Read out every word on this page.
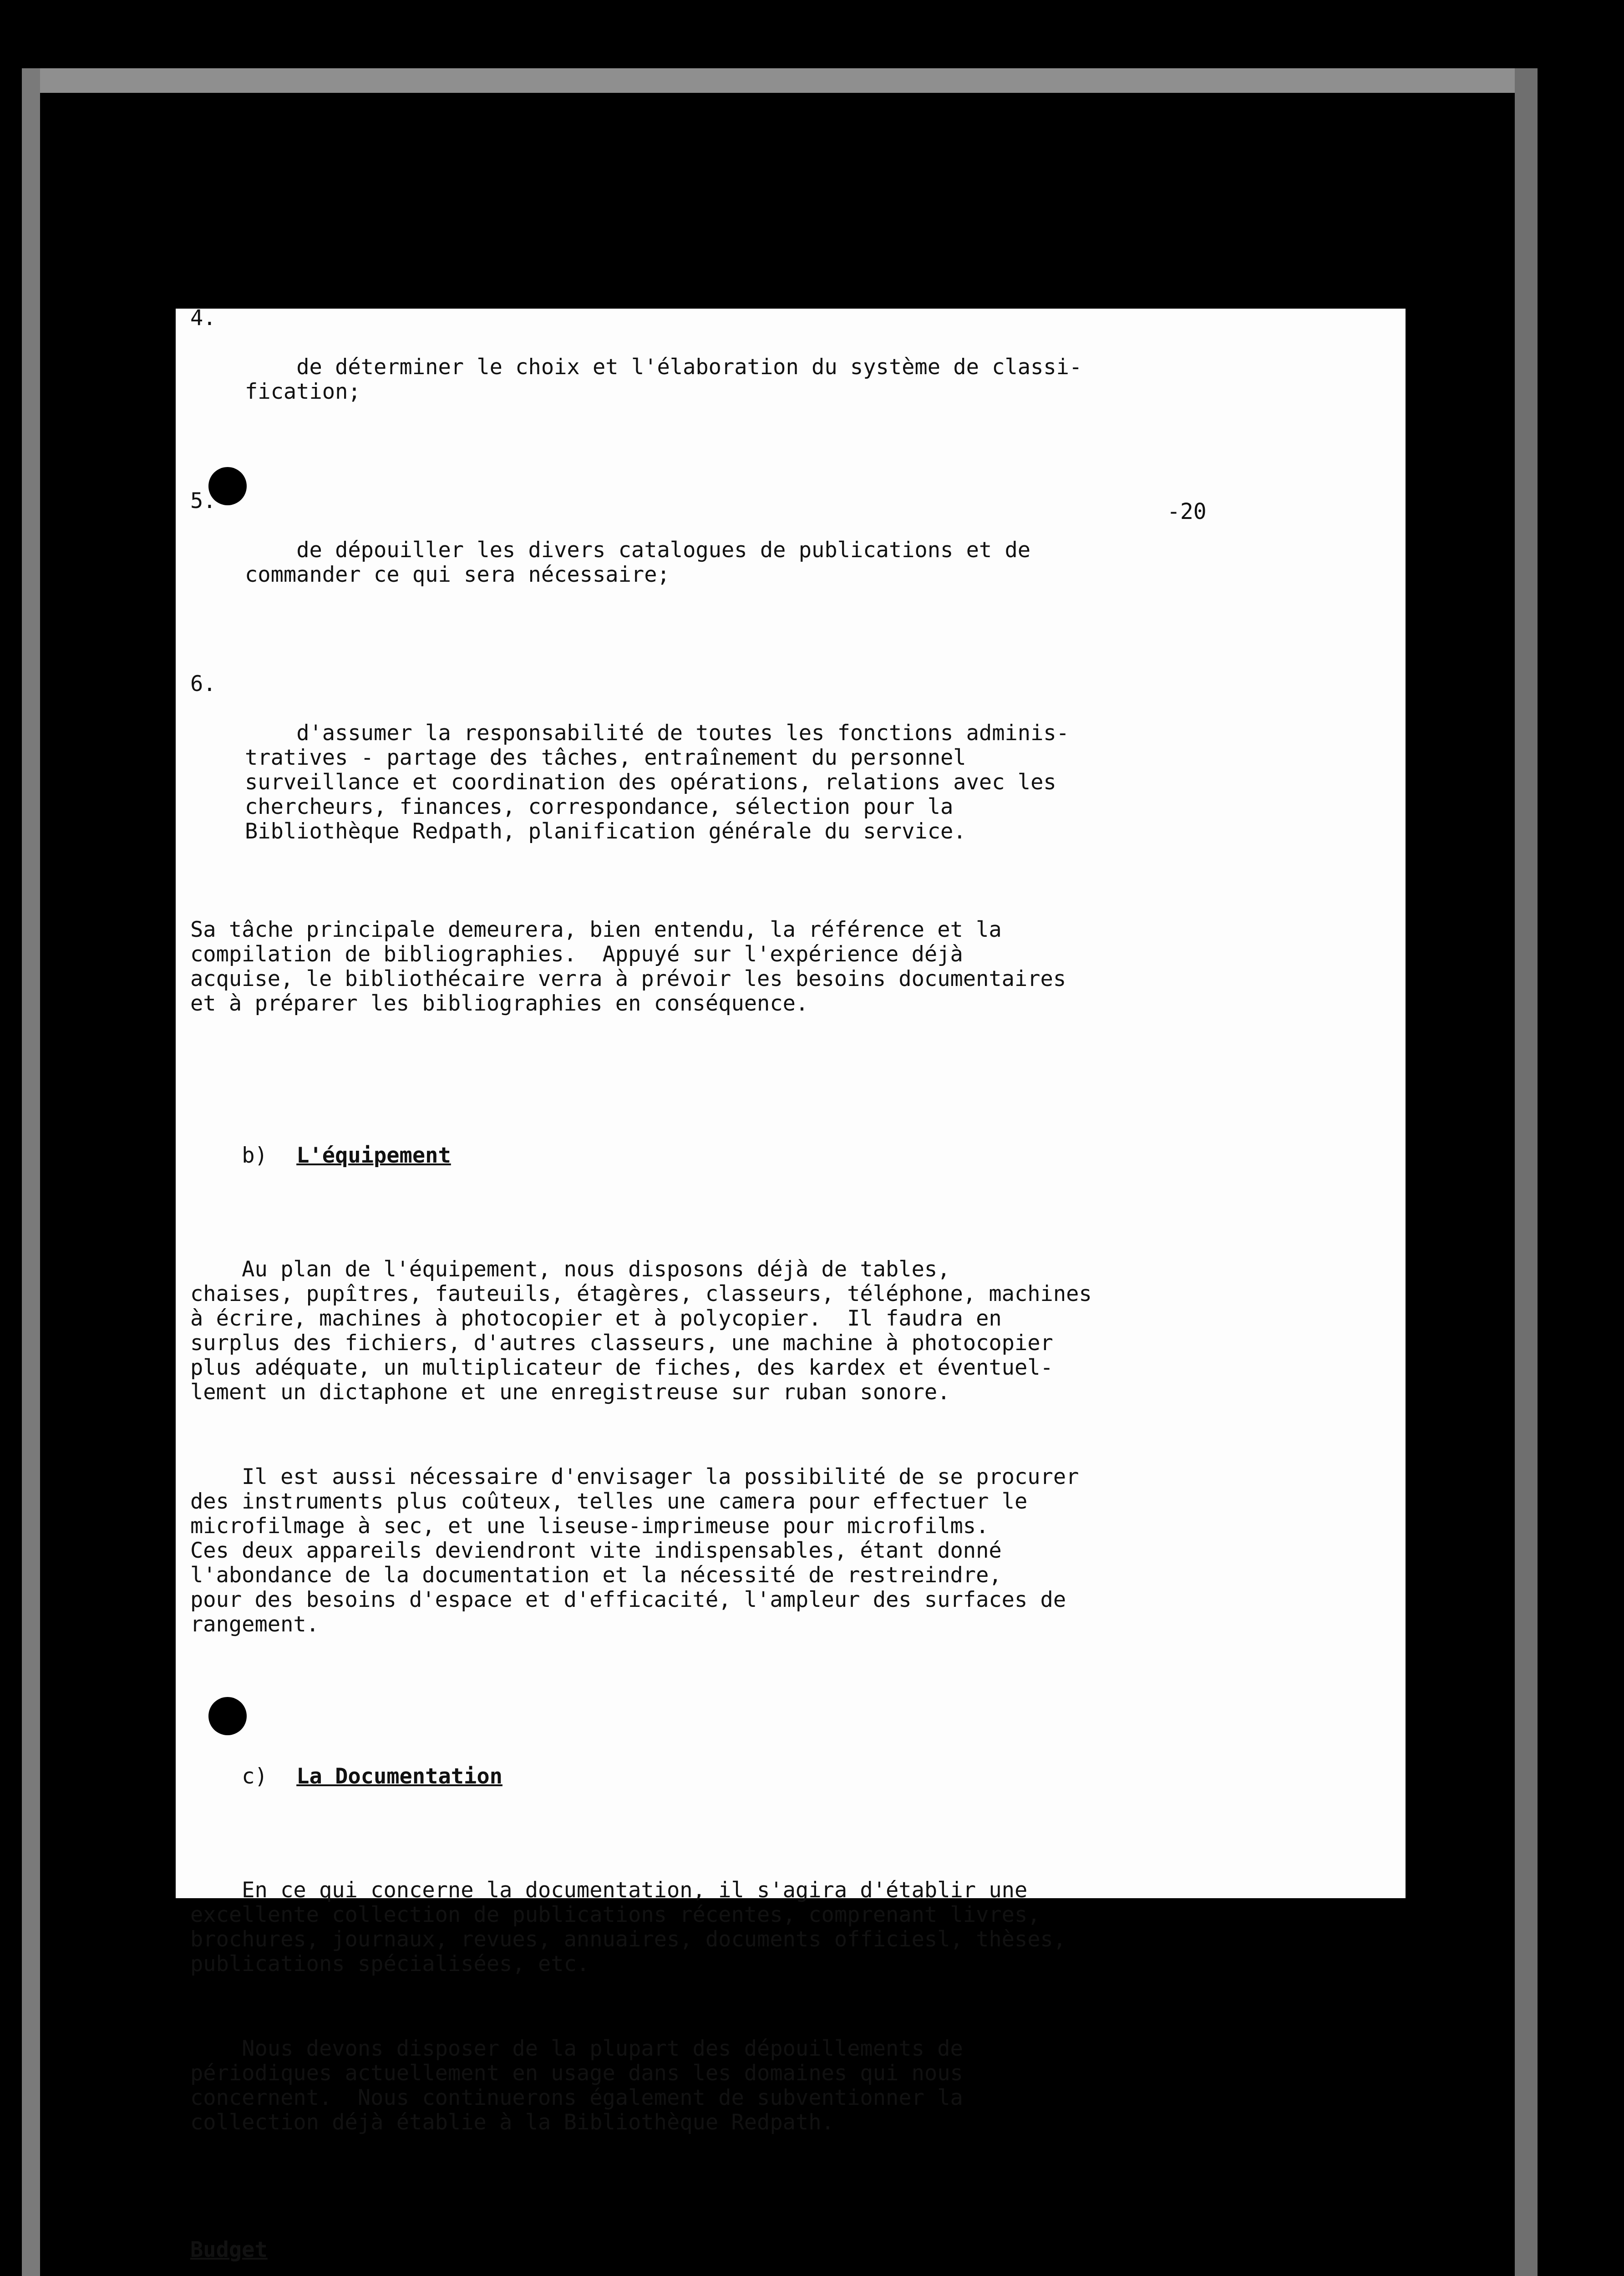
-20

4.

de déterminer le choix et l'élaboration du système de classi-
fication;

5.

de dépouiller les divers catalogues de publications et de
commander ce qui sera nécessaire;

6.

d'assumer la responsabilité de toutes les fonctions adminis-
tratives - partage des tâches, entraînement du personnel
surveillance et coordination des opérations, relations avec les
chercheurs, finances, correspondance, sélection pour la
Bibliothèque Redpath, planification générale du service.

Sa tâche principale demeurera, bien entendu, la référence et la
compilation de bibliographies.  Appuyé sur l'expérience déjà
acquise, le bibliothécaire verra à prévoir les besoins documentaires
et à préparer les bibliographies en conséquence.

b) L'équipement

Au plan de l'équipement, nous disposons déjà de tables,
chaises, pupîtres, fauteuils, étagères, classeurs, téléphone, machines
à écrire, machines à photocopier et à polycopier.  Il faudra en
surplus des fichiers, d'autres classeurs, une machine à photocopier
plus adéquate, un multiplicateur de fiches, des kardex et éventuel-
lement un dictaphone et une enregistreuse sur ruban sonore.

Il est aussi nécessaire d'envisager la possibilité de se procurer
des instruments plus coûteux, telles une camera pour effectuer le
microfilmage à sec, et une liseuse-imprimeuse pour microfilms.
Ces deux appareils deviendront vite indispensables, étant donné
l'abondance de la documentation et la nécessité de restreindre,
pour des besoins d'espace et d'efficacité, l'ampleur des surfaces de
rangement.

c) La Documentation

En ce qui concerne la documentation, il s'agira d'établir une
excellente collection de publications récentes, comprenant livres,
brochures, journaux, revues, annuaires, documents officiesl, thèses,
publications spécialisées, etc.

Nous devons disposer de la plupart des dépouillements de
périodiques actuellement en usage dans les domaines qui nous
concernent.  Nous continuerons également de subventionner la
collection déjà établie à la Bibliothèque Redpath.

Budget
